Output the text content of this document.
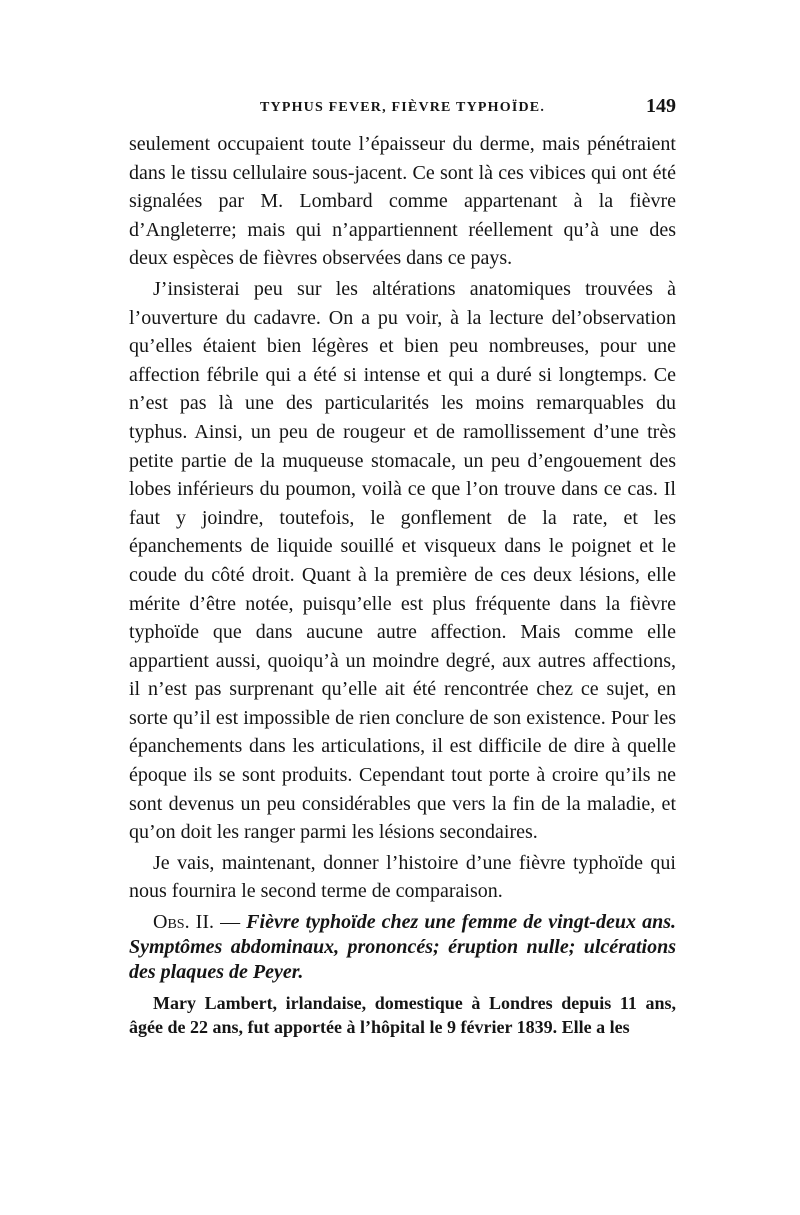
TYPHUS FEVER, FIÈVRE TYPHOÏDE.	149

seulement occupaient toute l’épaisseur du derme, mais pénétraient dans le tissu cellulaire sous-jacent. Ce sont là ces vibices qui ont été signalées par M. Lombard comme appartenant à la fièvre d’Angleterre; mais qui n’appartiennent réellement qu’à une des deux espèces de fièvres observées dans ce pays.

J’insisterai peu sur les altérations anatomiques trouvées à l’ouverture du cadavre. On a pu voir, à la lecture del’observation qu’elles étaient bien légères et bien peu nombreuses, pour une affection fébrile qui a été si intense et qui a duré si longtemps. Ce n’est pas là une des particularités les moins remarquables du typhus. Ainsi, un peu de rougeur et de ramollissement d’une très petite partie de la muqueuse stomacale, un peu d’engouement des lobes inférieurs du poumon, voilà ce que l’on trouve dans ce cas. Il faut y joindre, toutefois, le gonflement de la rate, et les épanchements de liquide souillé et visqueux dans le poignet et le coude du côté droit. Quant à la première de ces deux lésions, elle mérite d’être notée, puisqu’elle est plus fréquente dans la fièvre typhoïde que dans aucune autre affection. Mais comme elle appartient aussi, quoiqu’à un moindre degré, aux autres affections, il n’est pas surprenant qu’elle ait été rencontrée chez ce sujet, en sorte qu’il est impossible de rien conclure de son existence. Pour les épanchements dans les articulations, il est difficile de dire à quelle époque ils se sont produits. Cependant tout porte à croire qu’ils ne sont devenus un peu considérables que vers la fin de la maladie, et qu’on doit les ranger parmi les lésions secondaires.

Je vais, maintenant, donner l’histoire d’une fièvre typhoïde qui nous fournira le second terme de comparaison.

Obs. II. — Fièvre typhoïde chez une femme de vingt-deux ans. Symptômes abdominaux, prononcés; éruption nulle; ulcérations des plaques de Peyer.

Mary Lambert, irlandaise, domestique à Londres depuis 11 ans, âgée de 22 ans, fut apportée à l’hôpital le 9 février 1839. Elle a les
